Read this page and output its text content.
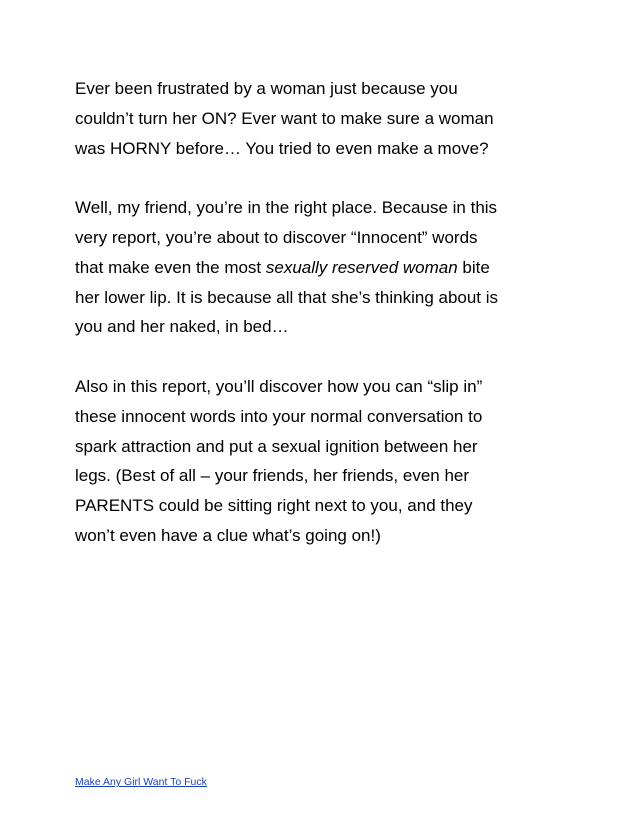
Ever been frustrated by a woman just because you
couldn’t turn her ON? Ever want to make sure a woman
was HORNY before… You tried to even make a move?

Well, my friend, you’re in the right place. Because in this
very report, you’re about to discover “Innocent” words
that make even the most sexually reserved woman bite
her lower lip. It is because all that she’s thinking about is
you and her naked, in bed…

Also in this report, you’ll discover how you can “slip in”
these innocent words into your normal conversation to
spark attraction and put a sexual ignition between her
legs. (Best of all – your friends, her friends, even her
PARENTS could be sitting right next to you, and they
won’t even have a clue what’s going on!)

Make Any Girl Want To Fuck
